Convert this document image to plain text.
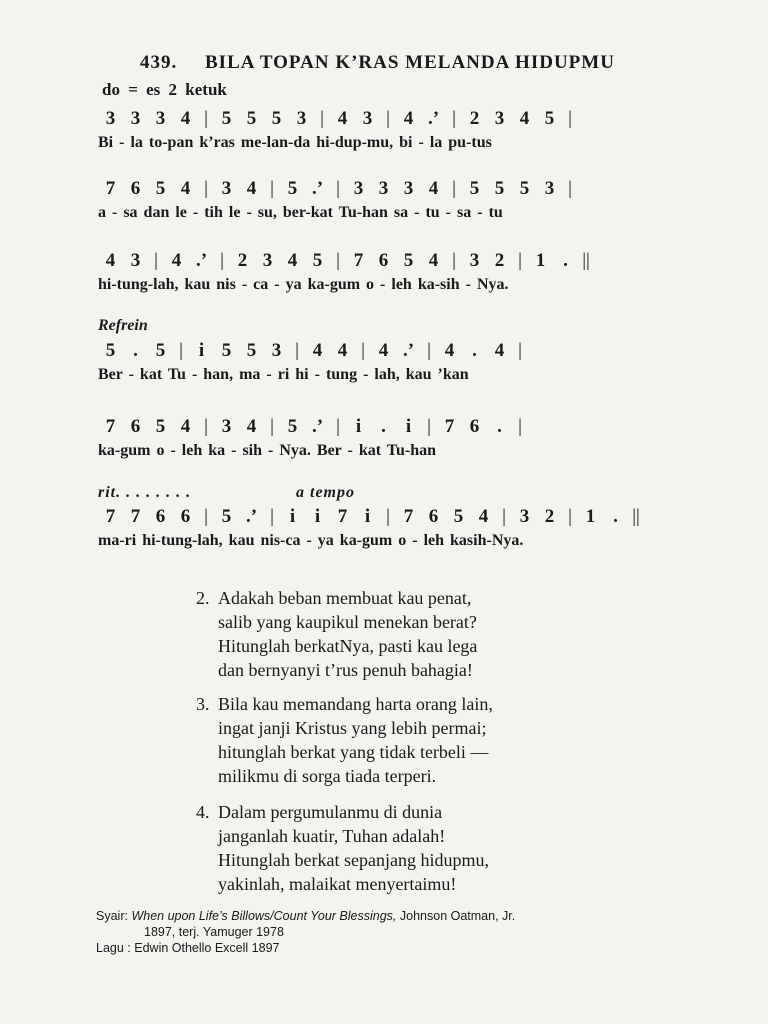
439. BILA TOPAN K’RAS MELANDA HIDUPMU
do = es 2 ketuk
3 3 3 4 | 5 5 5 3 | 4 3 | 4 .’ | 2 3 4 5 |
Bi - la to-pan k’ras me-lan-da hi-dup-mu, bi - la pu-tus
7 6 5 4 | 3 4 | 5 .’ | 3 3 3 4 | 5 5 5 3 |
a - sa dan le - tih le - su, ber-kat Tu-han sa - tu - sa - tu
4 3 | 4 .’ | 2 3 4 5 | 7 6 5 4 | 3 2 | 1 . ||
hi-tung-lah, kau nis - ca - ya ka-gum o - leh ka-sih - Nya.
Refrein
5 . 5 | i 5 5 3 | 4 4 | 4 .’ | 4 . 4 |
Ber - kat Tu - han, ma - ri hi - tung - lah, kau ’kan
7 6 5 4 | 3 4 | 5 .’ | i	.	i | 7 6 . |
ka-gum o - leh ka - sih - Nya. Ber - kat Tu-han
rit. . . . . . . .	a tempo
7 7 6 6 | 5 .’ | i	i 7 i | 7 6 5 4 | 3 2 | 1 . ||
ma-ri hi-tung-lah, kau nis-ca - ya ka-gum o - leh kasih-Nya.
2. Adakah beban membuat kau penat,
salib yang kaupikul menekan berat?
Hitunglah berkatNya, pasti kau lega
dan bernyanyi t’rus penuh bahagia!
3. Bila kau memandang harta orang lain,
ingat janji Kristus yang lebih permai;
hitunglah berkat yang tidak terbeli —
milikmu di sorga tiada terperi.
4. Dalam pergumulanmu di dunia
janganlah kuatir, Tuhan adalah!
Hitunglah berkat sepanjang hidupmu,
yakinlah, malaikat menyertaimu!
Syair: When upon Life’s Billows/Count Your Blessings, Johnson Oatman, Jr.
1897, terj. Yamuger 1978
Lagu : Edwin Othello Excell 1897
